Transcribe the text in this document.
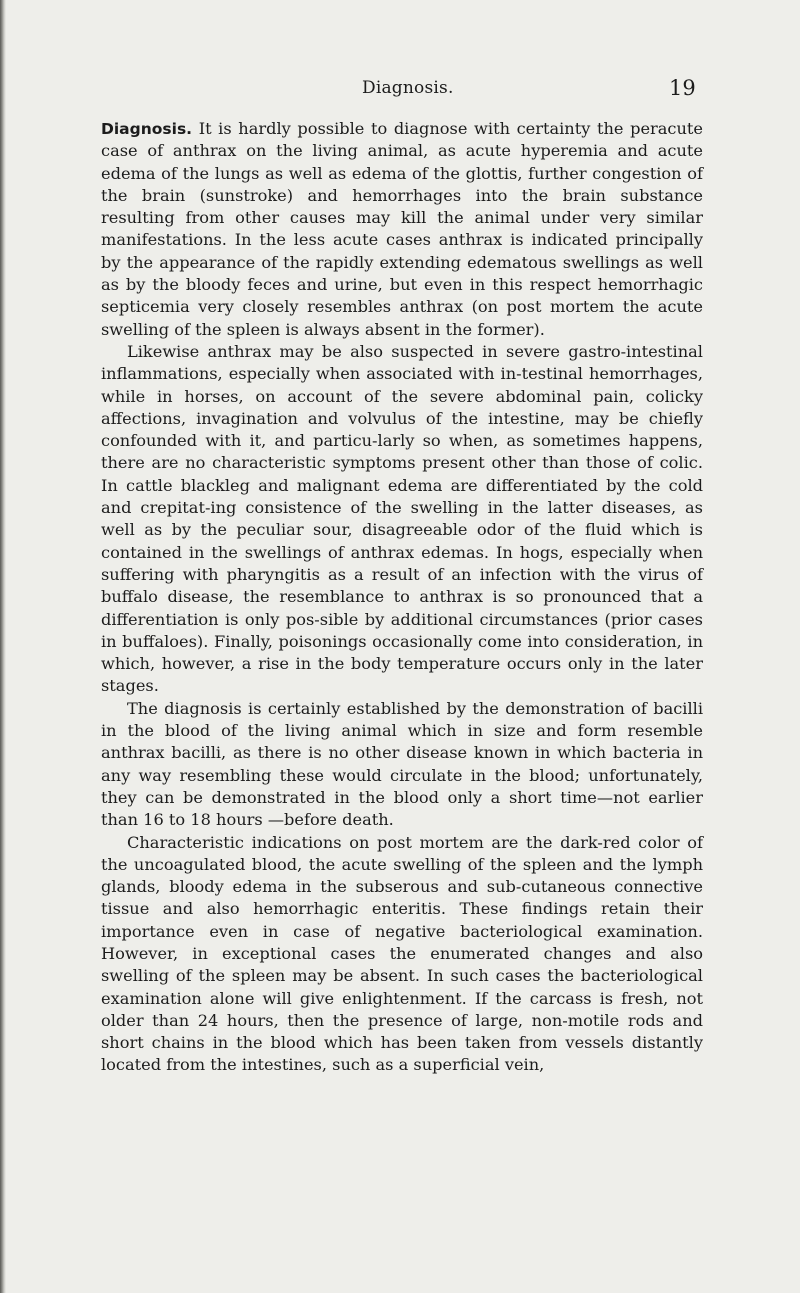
Diagnosis.	19

Diagnosis. It is hardly possible to diagnose with certainty the peracute case of anthrax on the living animal, as acute hyperemia and acute edema of the lungs as well as edema of the glottis, further congestion of the brain (sunstroke) and hemorrhages into the brain substance resulting from other causes may kill the animal under very similar manifestations. In the less acute cases anthrax is indicated principally by the appearance of the rapidly extending edematous swellings as well as by the bloody feces and urine, but even in this respect hemorrhagic septicemia very closely resembles anthrax (on post mortem the acute swelling of the spleen is always absent in the former).

Likewise anthrax may be also suspected in severe gastro-intestinal inflammations, especially when associated with in-testinal hemorrhages, while in horses, on account of the severe abdominal pain, colicky affections, invagination and volvulus of the intestine, may be chiefly confounded with it, and particu-larly so when, as sometimes happens, there are no characteristic symptoms present other than those of colic. In cattle blackleg and malignant edema are differentiated by the cold and crepitat-ing consistence of the swelling in the latter diseases, as well as by the peculiar sour, disagreeable odor of the fluid which is contained in the swellings of anthrax edemas. In hogs, especially when suffering with pharyngitis as a result of an infection with the virus of buffalo disease, the resemblance to anthrax is so pronounced that a differentiation is only pos-sible by additional circumstances (prior cases in buffaloes). Finally, poisonings occasionally come into consideration, in which, however, a rise in the body temperature occurs only in the later stages.

The diagnosis is certainly established by the demonstration of bacilli in the blood of the living animal which in size and form resemble anthrax bacilli, as there is no other disease known in which bacteria in any way resembling these would circulate in the blood; unfortunately, they can be demonstrated in the blood only a short time—not earlier than 16 to 18 hours —before death.

Characteristic indications on post mortem are the dark-red color of the uncoagulated blood, the acute swelling of the spleen and the lymph glands, bloody edema in the subserous and sub-cutaneous connective tissue and also hemorrhagic enteritis. These findings retain their importance even in case of negative bacteriological examination. However, in exceptional cases the enumerated changes and also swelling of the spleen may be absent. In such cases the bacteriological examination alone will give enlightenment. If the carcass is fresh, not older than 24 hours, then the presence of large, non-motile rods and short chains in the blood which has been taken from vessels distantly located from the intestines, such as a superficial vein,
